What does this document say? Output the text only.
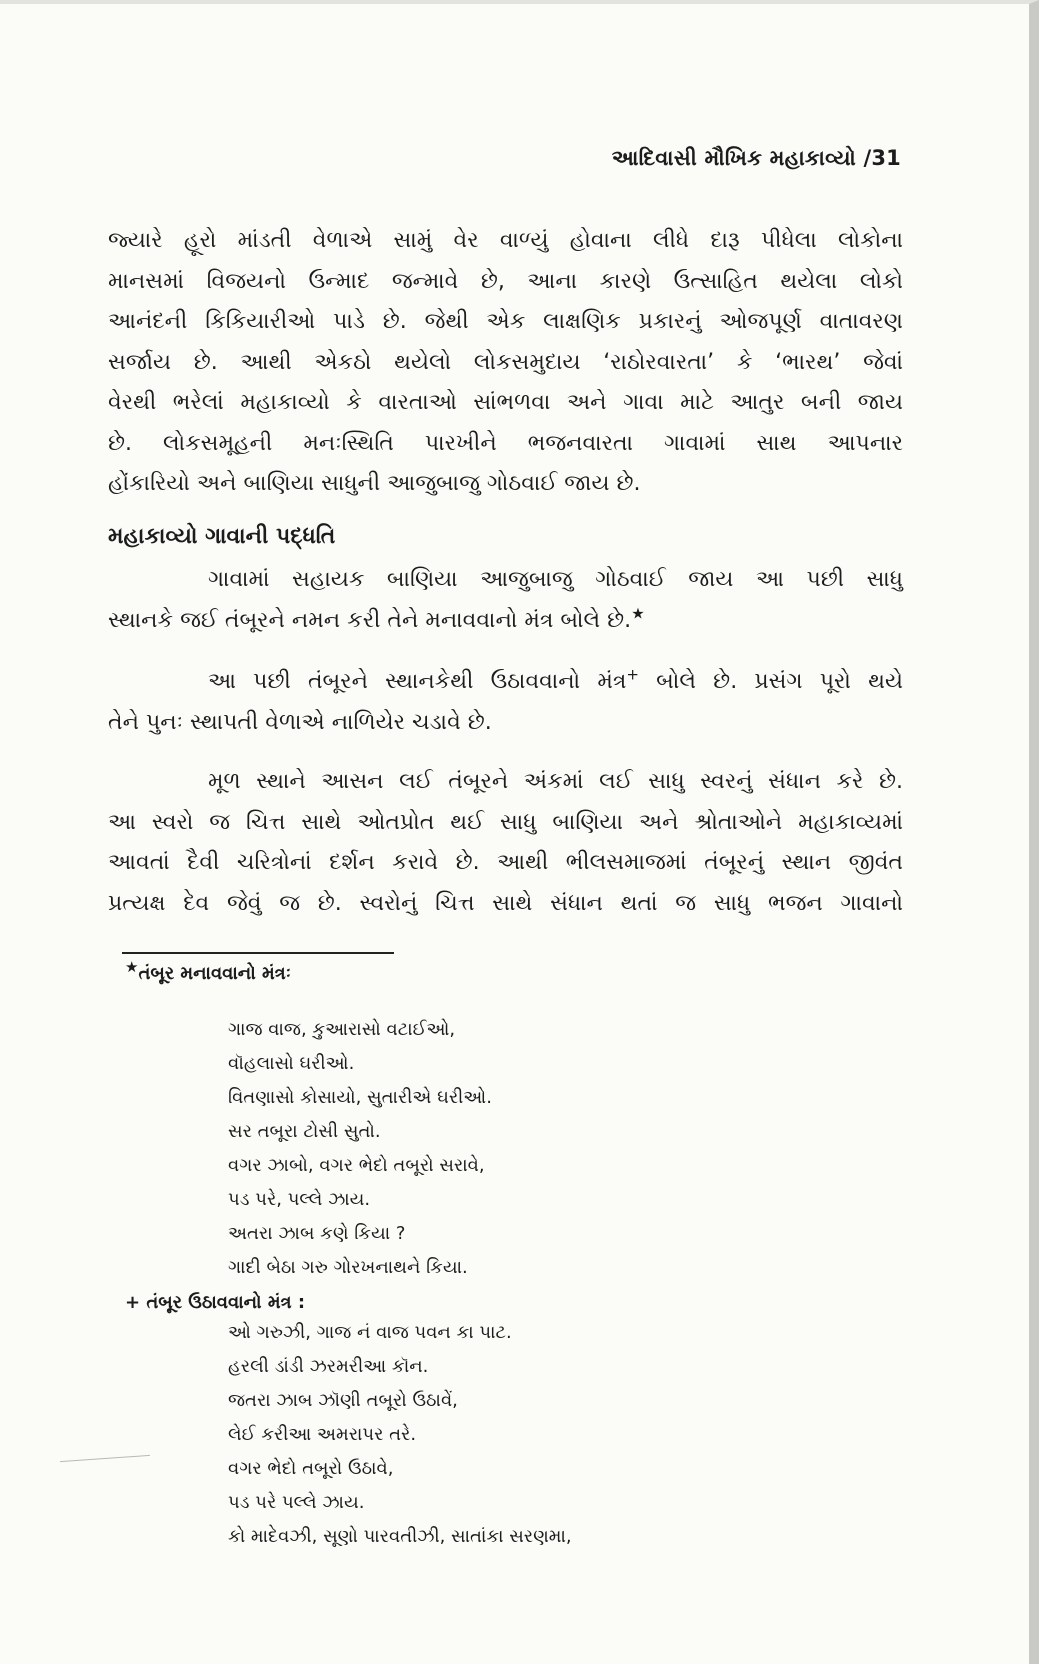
આદિવાસી મૌખિક મહાકાવ્યો /31
જ્યારે હૂરો માંડતી વેળાએ સામું વેર વાળ્યું હોવાના લીધે દારૂ પીધેલા લોકોના
માનસમાં વિજયનો ઉન્માદ જન્માવે છે, આના કારણે ઉત્સાહિત થયેલા લોકો
આનંદની કિકિયારીઓ પાડે છે. જેથી એક લાક્ષણિક પ્રકારનું ઓજપૂર્ણ વાતાવરણ
સર્જાય છે. આથી એકઠો થયેલો લોકસમુદાય ‘રાઠોરવારતા’ કે ‘ભારથ’ જેવાં
વેરથી ભરેલાં મહાકાવ્યો કે વારતાઓ સાંભળવા અને ગાવા માટે આતુર બની જાય
છે. લોકસમૂહની મનઃસ્થિતિ પારખીને ભજનવારતા ગાવામાં સાથ આપનાર
હોંકારિયો અને બાણિયા સાધુની આજુબાજુ ગોઠવાઈ જાય છે.
મહાકાવ્યો ગાવાની પદ્ધતિ
ગાવામાં સહાયક બાણિયા આજુબાજુ ગોઠવાઈ જાય આ પછી સાધુ
સ્થાનકે જઈ તંબૂરને નમન કરી તેને મનાવવાનો મંત્ર બોલે છે.★
આ પછી તંબૂરને સ્થાનકેથી ઉઠાવવાનો મંત્ર+ બોલે છે. પ્રસંગ પૂરો થયે
તેને પુનઃ સ્થાપતી વેળાએ નાળિયેર ચડાવે છે.
મૂળ સ્થાને આસન લઈ તંબૂરને અંકમાં લઈ સાધુ સ્વરનું સંધાન કરે છે.
આ સ્વરો જ ચિત્ત સાથે ઓતપ્રોત થઈ સાધુ બાણિયા અને શ્રોતાઓને મહાકાવ્યમાં
આવતાં દૈવી ચરિત્રોનાં દર્શન કરાવે છે. આથી ભીલસમાજમાં તંબૂરનું સ્થાન જીવંત
પ્રત્યક્ષ દેવ જેવું જ છે. સ્વરોનું ચિત્ત સાથે સંધાન થતાં જ સાધુ ભજન ગાવાનો
★તંબૂર મનાવવાનો મંત્રઃ
ગાજ વાજ, કુઆરાસો વટાઈઓ,
વૉહલાસો ઘરીઓ.
વિતણાસો કોસાયો, સુતારીએ ઘરીઓ.
સર તબૂરા ટોસી સુતો.
વગર ઝાબો, વગર ભેદો તબૂરો સરાવે,
પડ પરે, પલ્લે ઝાય.
અતરા ઝાબ કણે કિયા ?
ગાદી બેઠા ગરુ ગોરખનાથને કિયા.
+ તંબૂર ઉઠાવવાનો મંત્ર :
ઓ ગરુઝી, ગાજ નં વાજ પવન કા પાટ.
હરલી ડાંડી ઝરમરીઆ કૉન.
જતરા ઝાબ ઝૉણી તબૂરો ઉઠાવેં,
લેઈ કરીઆ અમરાપર તરે.
વગર ભેદો તબૂરો ઉઠાવે,
પડ પરે પલ્લે ઝાય.
કો માદેવઝી, સૂણો પારવતીઝી, સાતાંકા સરણમા,
